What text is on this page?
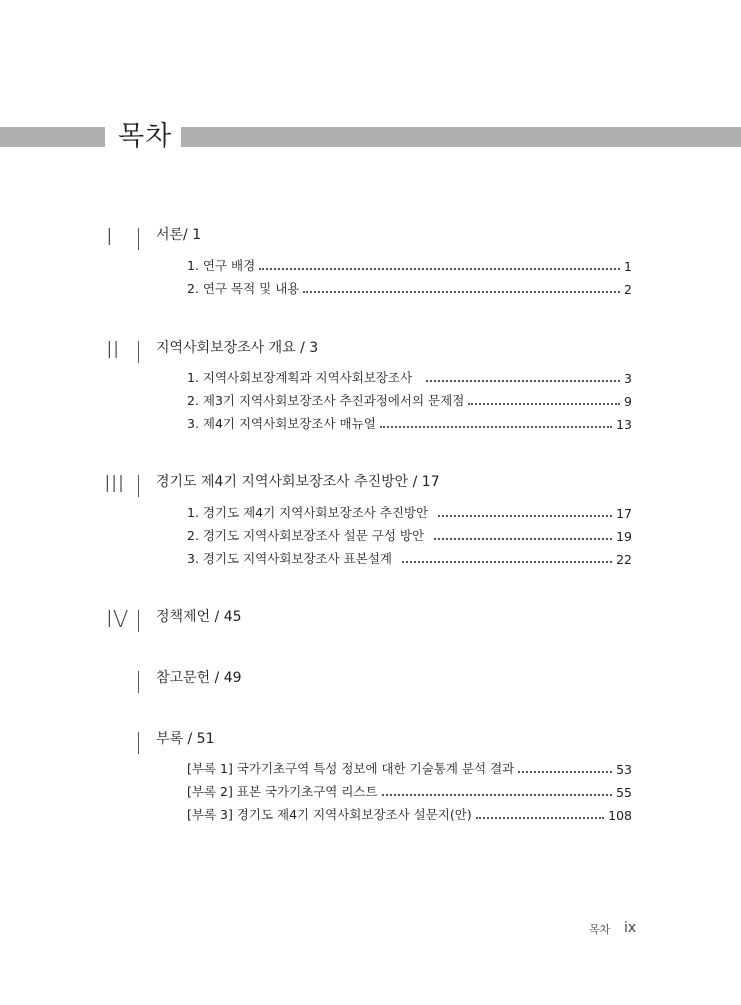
목차
I	서론/ 1
1. 연구 배경	1
2. 연구 목적 및 내용	2
II	지역사회보장조사 개요 / 3
1. 지역사회보장계획과 지역사회보장조사	3
2. 제3기 지역사회보장조사 추진과정에서의 문제점	9
3. 제4기 지역사회보장조사 매뉴얼	13
III	경기도 제4기 지역사회보장조사 추진방안 / 17
1. 경기도 제4기 지역사회보장조사 추진방안	17
2. 경기도 지역사회보장조사 설문 구성 방안	19
3. 경기도 지역사회보장조사 표본설계	22
IV 정책제언 / 45
참고문헌 / 49
부록 / 51
[부록 1] 국가기초구역 특성 정보에 대한 기술통계 분석 결과	53
[부록 2] 표본 국가기초구역 리스트	55
[부록 3] 경기도 제4기 지역사회보장조사 설문지(안)	108
목차 ix
